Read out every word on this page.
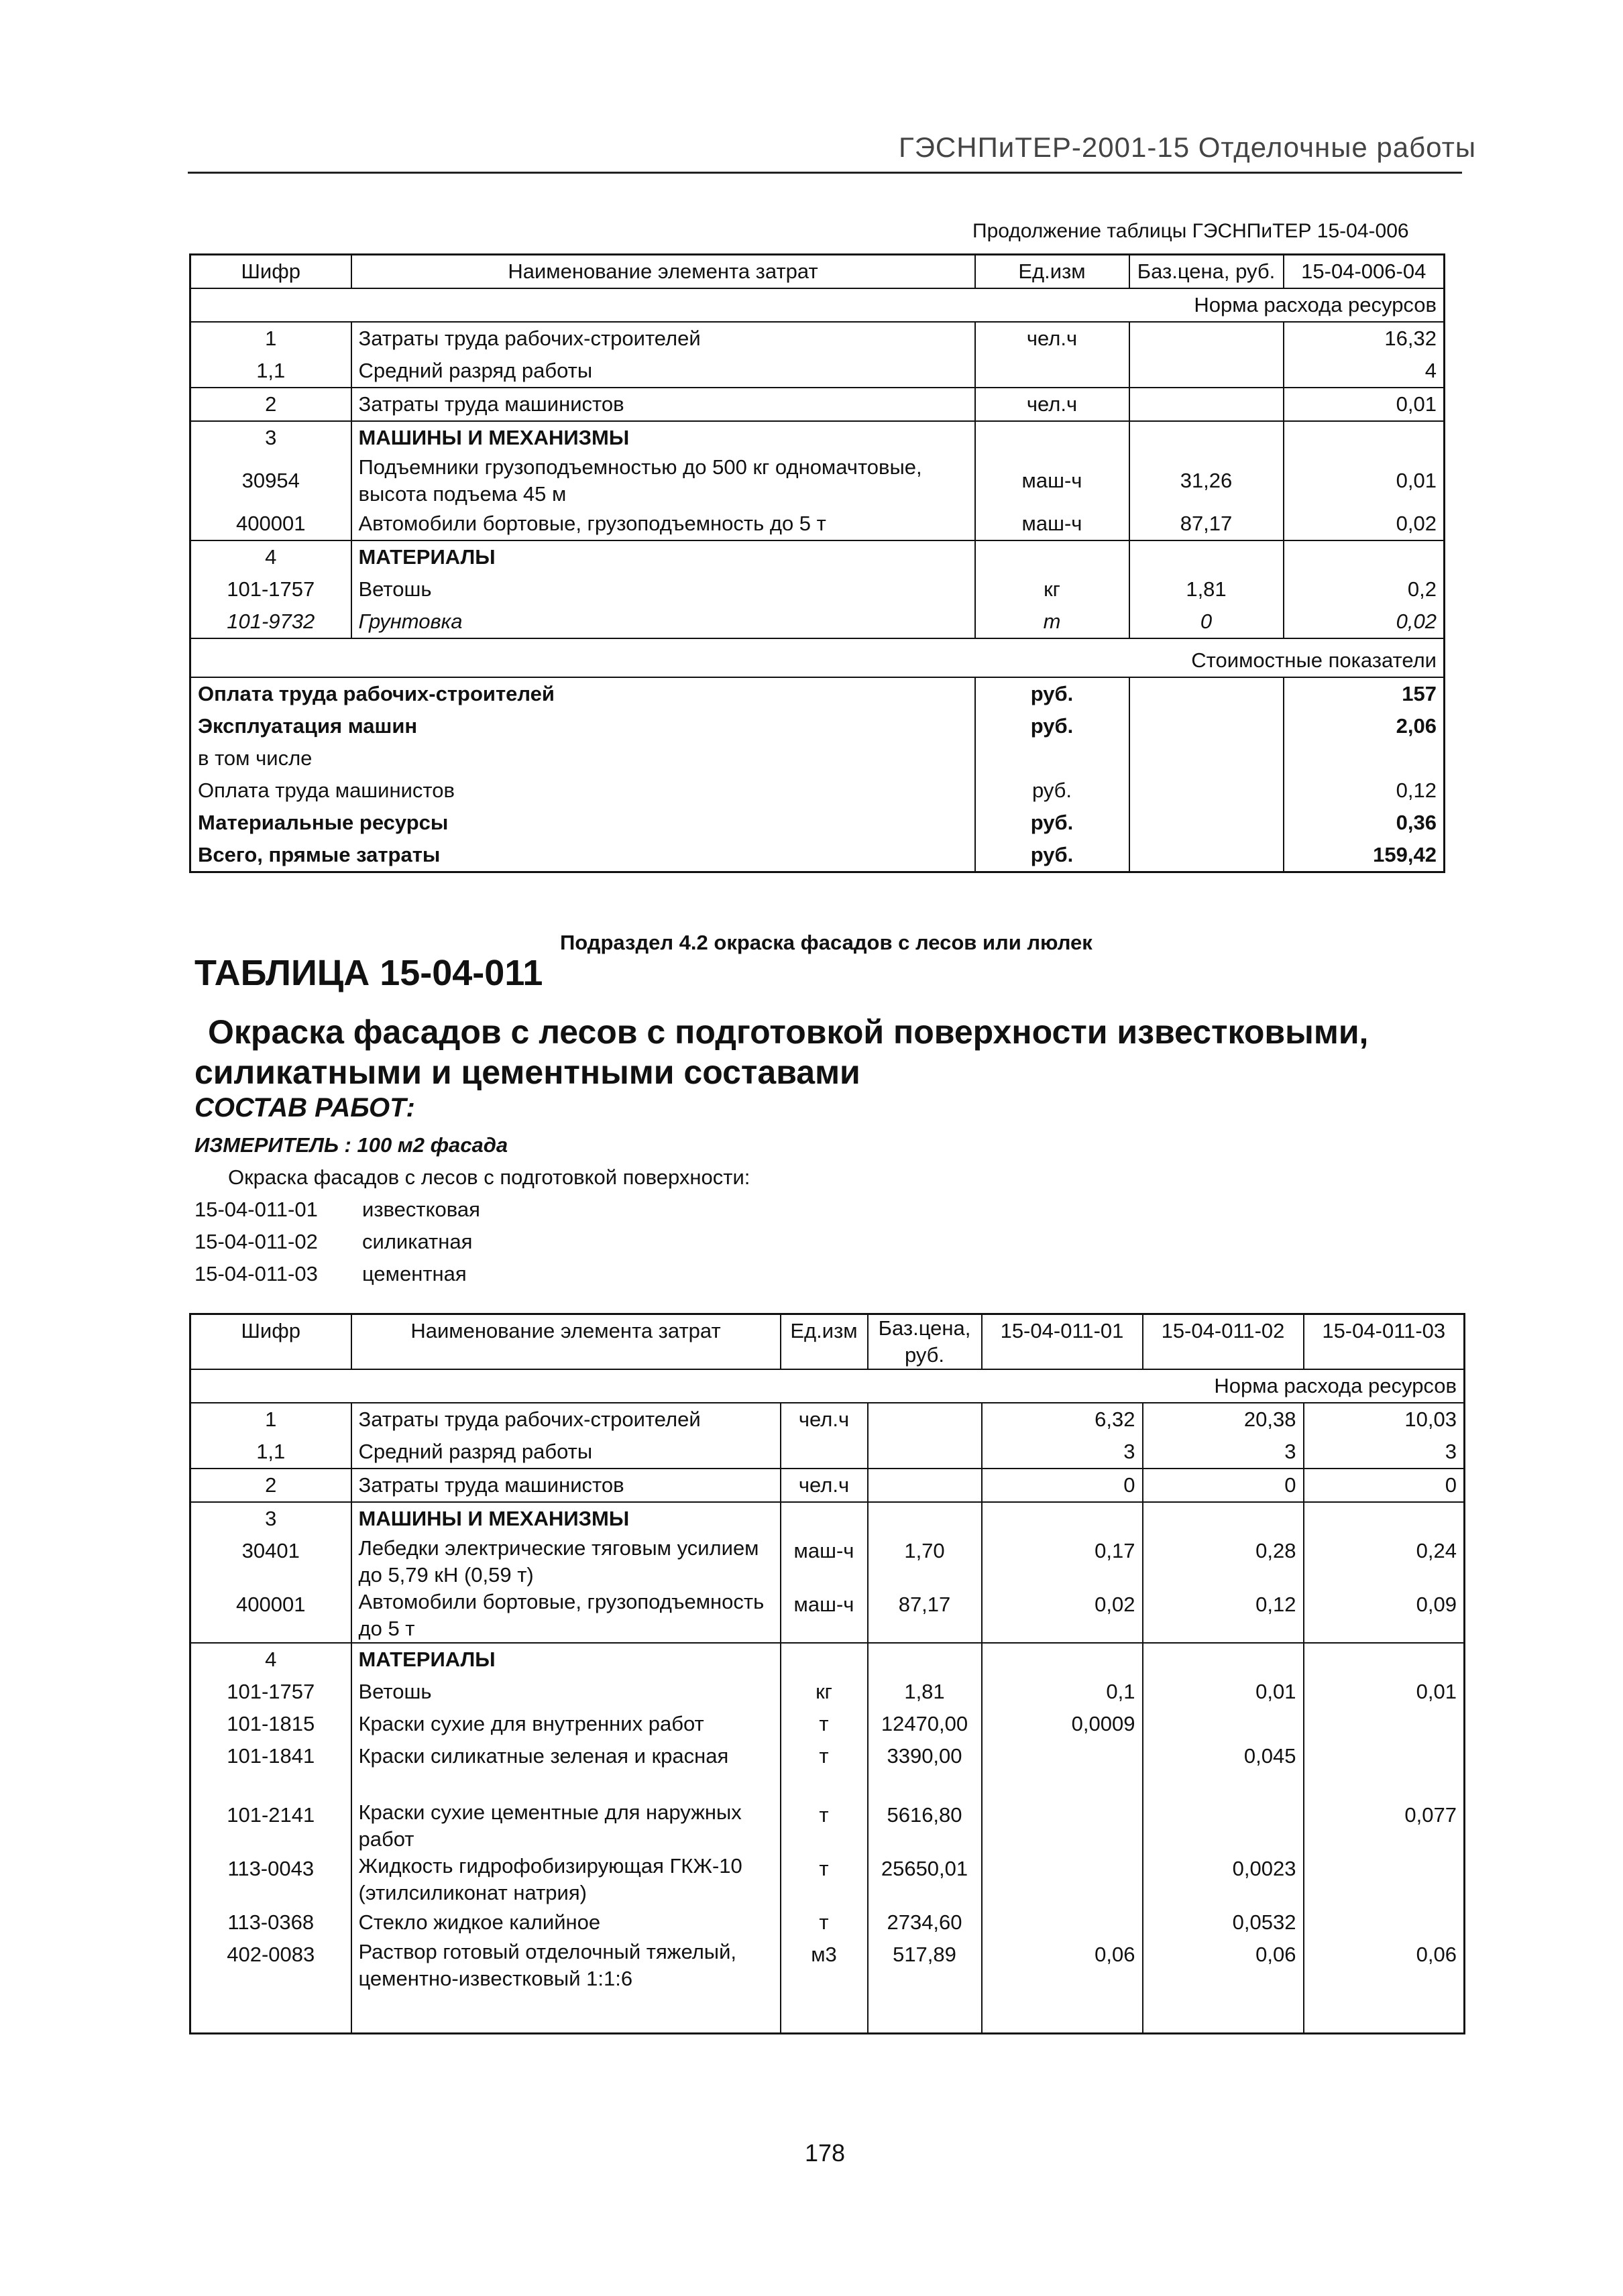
ГЭСНПиТЕР-2001-15 Отделочные работы
Продолжение таблицы ГЭСНПиТЕР 15-04-006
Шифр	Наименование элемента затрат	Ед.изм	Баз.цена, руб.	15-04-006-04
Норма расхода ресурсов				
1	Затраты труда рабочих-строителей	чел.ч		16,32
1,1	Средний разряд работы			4
2	Затраты труда машинистов	чел.ч		0,01
3	МАШИНЫ И МЕХАНИЗМЫ			
30954	Подъемники грузоподъемностью до 500 кг одномачтовые, высота подъема 45 м	маш-ч	31,26	0,01
400001	Автомобили бортовые, грузоподъемность до 5 т	маш-ч	87,17	0,02
4	МАТЕРИАЛЫ			
101-1757	Ветошь	кг	1,81	0,2
101-9732	Грунтовка	т	0	0,02
Стоимостные показатели				
Оплата труда рабочих-строителей		руб.		157
Эксплуатация машин		руб.		2,06
в том числе				
Оплата труда машинистов		руб.		0,12
Материальные ресурсы		руб.		0,36
Всего, прямые затраты		руб.		159,42
Подраздел 4.2 окраска фасадов с лесов или люлек
ТАБЛИЦА 15-04-011
Окраска фасадов с лесов с подготовкой поверхности известковыми,
силикатными и цементными составами
СОСТАВ РАБОТ:
ИЗМЕРИТЕЛЬ : 100 м2 фасада
Окраска фасадов с лесов с подготовкой поверхности:
15-04-011-01 известковая
15-04-011-02 силикатная
15-04-011-03 цементная
Шифр	Наименование элемента затрат	Ед.изм	Баз.цена, руб.	15-04-011-01	15-04-011-02	15-04-011-03
Норма расхода ресурсов						
1	Затраты труда рабочих-строителей	чел.ч		6,32	20,38	10,03
1,1	Средний разряд работы			3	3	3
2	Затраты труда машинистов	чел.ч		0	0	0
3	МАШИНЫ И МЕХАНИЗМЫ					
30401	Лебедки электрические тяговым усилием до 5,79 кН (0,59 т)	маш-ч	1,70	0,17	0,28	0,24
400001	Автомобили бортовые, грузоподъемность до 5 т	маш-ч	87,17	0,02	0,12	0,09
4	МАТЕРИАЛЫ					
101-1757	Ветошь	кг	1,81	0,1	0,01	0,01
101-1815	Краски сухие для внутренних работ	т	12470,00	0,0009		
101-1841	Краски силикатные зеленая и красная	т	3390,00		0,045	
101-2141	Краски сухие цементные для наружных работ	т	5616,80			0,077
113-0043	Жидкость гидрофобизирующая ГКЖ-10 (этилсиликонат натрия)	т	25650,01		0,0023	
113-0368	Стекло жидкое калийное	т	2734,60		0,0532	
402-0083	Раствор готовый отделочный тяжелый, цементно-известковый 1:1:6	м3	517,89	0,06	0,06	0,06
178
